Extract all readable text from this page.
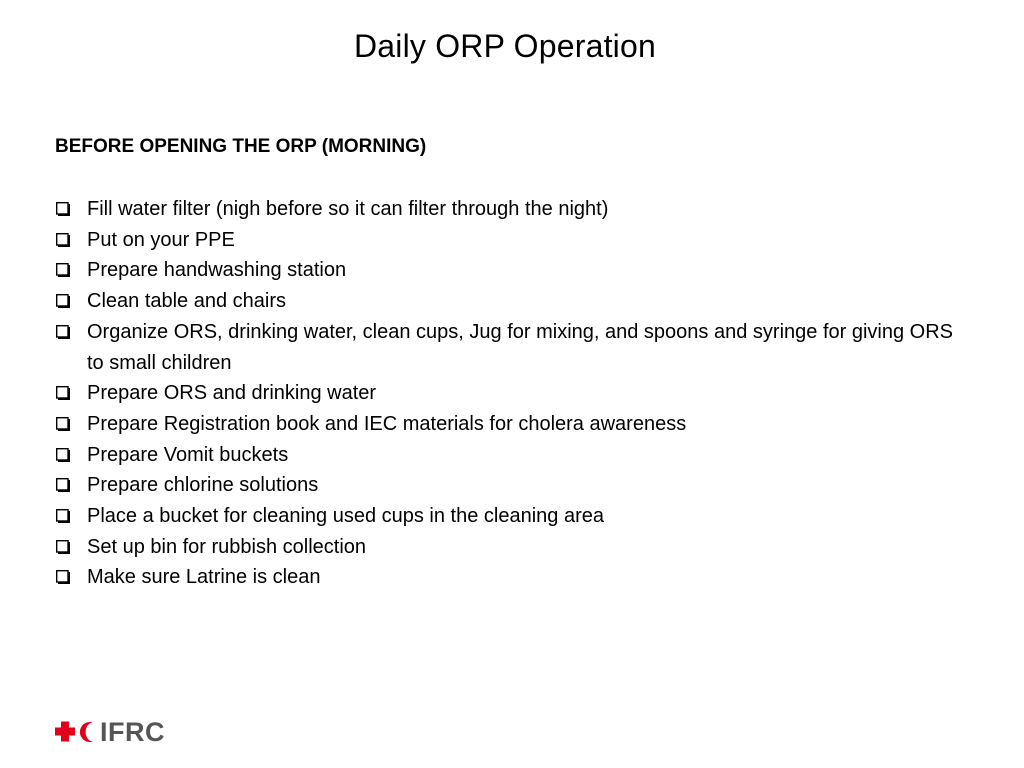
Daily ORP Operation
BEFORE OPENING THE ORP (MORNING)
Fill water filter (nigh before so it can filter through the night)
Put on your PPE
Prepare handwashing station
Clean table and chairs
Organize ORS, drinking water, clean cups, Jug for mixing, and spoons and syringe for giving ORS to small children
Prepare ORS and drinking water
Prepare Registration book and IEC materials for cholera awareness
Prepare Vomit buckets
Prepare chlorine solutions
Place a bucket for cleaning used cups in the cleaning area
Set up bin for rubbish collection
Make sure Latrine is clean
IFRC
